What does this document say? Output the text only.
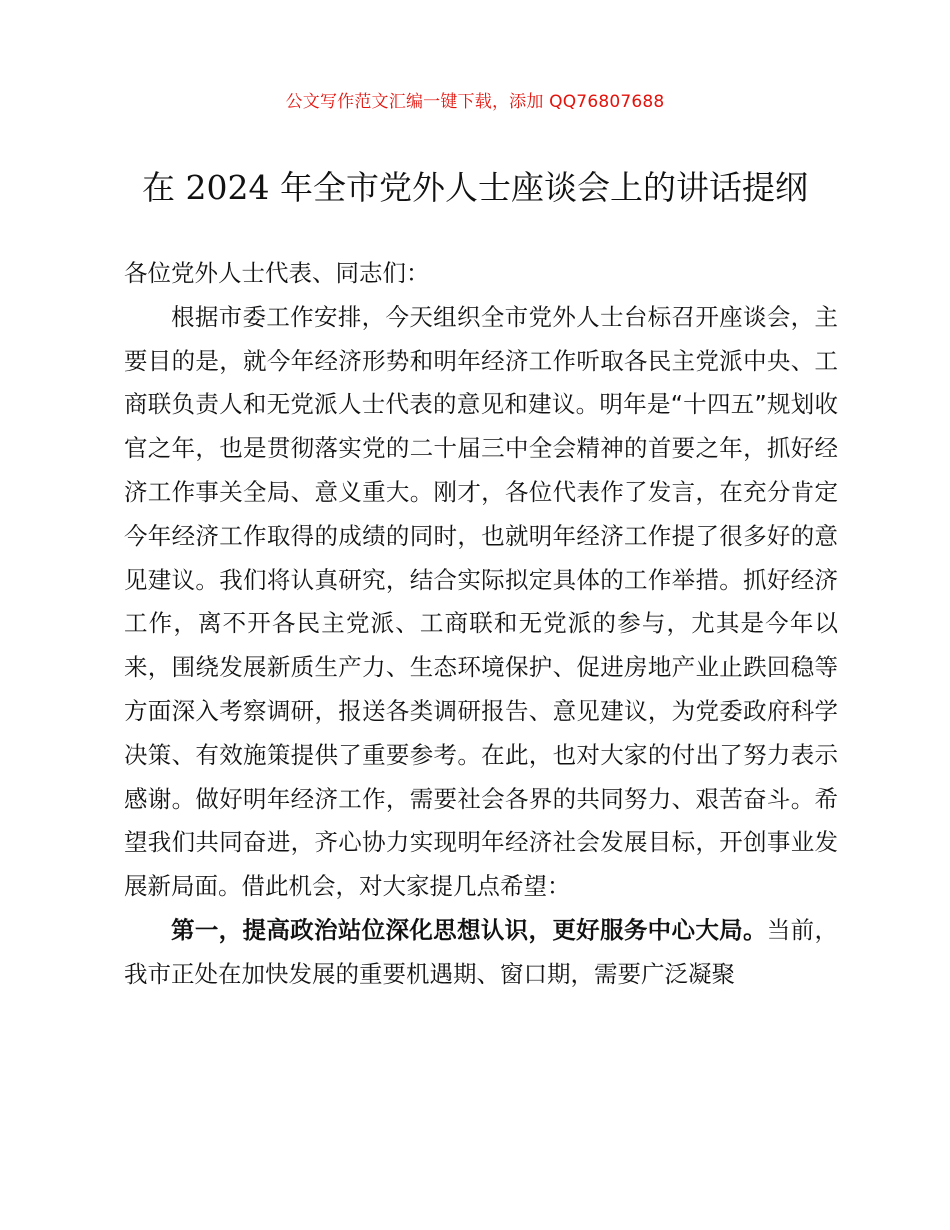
公文写作范文汇编一键下载，添加 QQ76807688
在 2024 年全市党外人士座谈会上的讲话提纲

各位党外人士代表、同志们：

根据市委工作安排，今天组织全市党外人士台标召开座谈会，主要目的是，就今年经济形势和明年经济工作听取各民主党派中央、工商联负责人和无党派人士代表的意见和建议。明年是“十四五”规划收官之年，也是贯彻落实党的二十届三中全会精神的首要之年，抓好经济工作事关全局、意义重大。刚才，各位代表作了发言，在充分肯定今年经济工作取得的成绩的同时，也就明年经济工作提了很多好的意见建议。我们将认真研究，结合实际拟定具体的工作举措。抓好经济工作，离不开各民主党派、工商联和无党派的参与，尤其是今年以来，围绕发展新质生产力、生态环境保护、促进房地产业止跌回稳等方面深入考察调研，报送各类调研报告、意见建议，为党委政府科学决策、有效施策提供了重要参考。在此，也对大家的付出了努力表示感谢。做好明年经济工作，需要社会各界的共同努力、艰苦奋斗。希望我们共同奋进，齐心协力实现明年经济社会发展目标，开创事业发展新局面。借此机会，对大家提几点希望：

第一，提高政治站位深化思想认识，更好服务中心大局。当前，我市正处在加快发展的重要机遇期、窗口期，需要广泛凝聚
